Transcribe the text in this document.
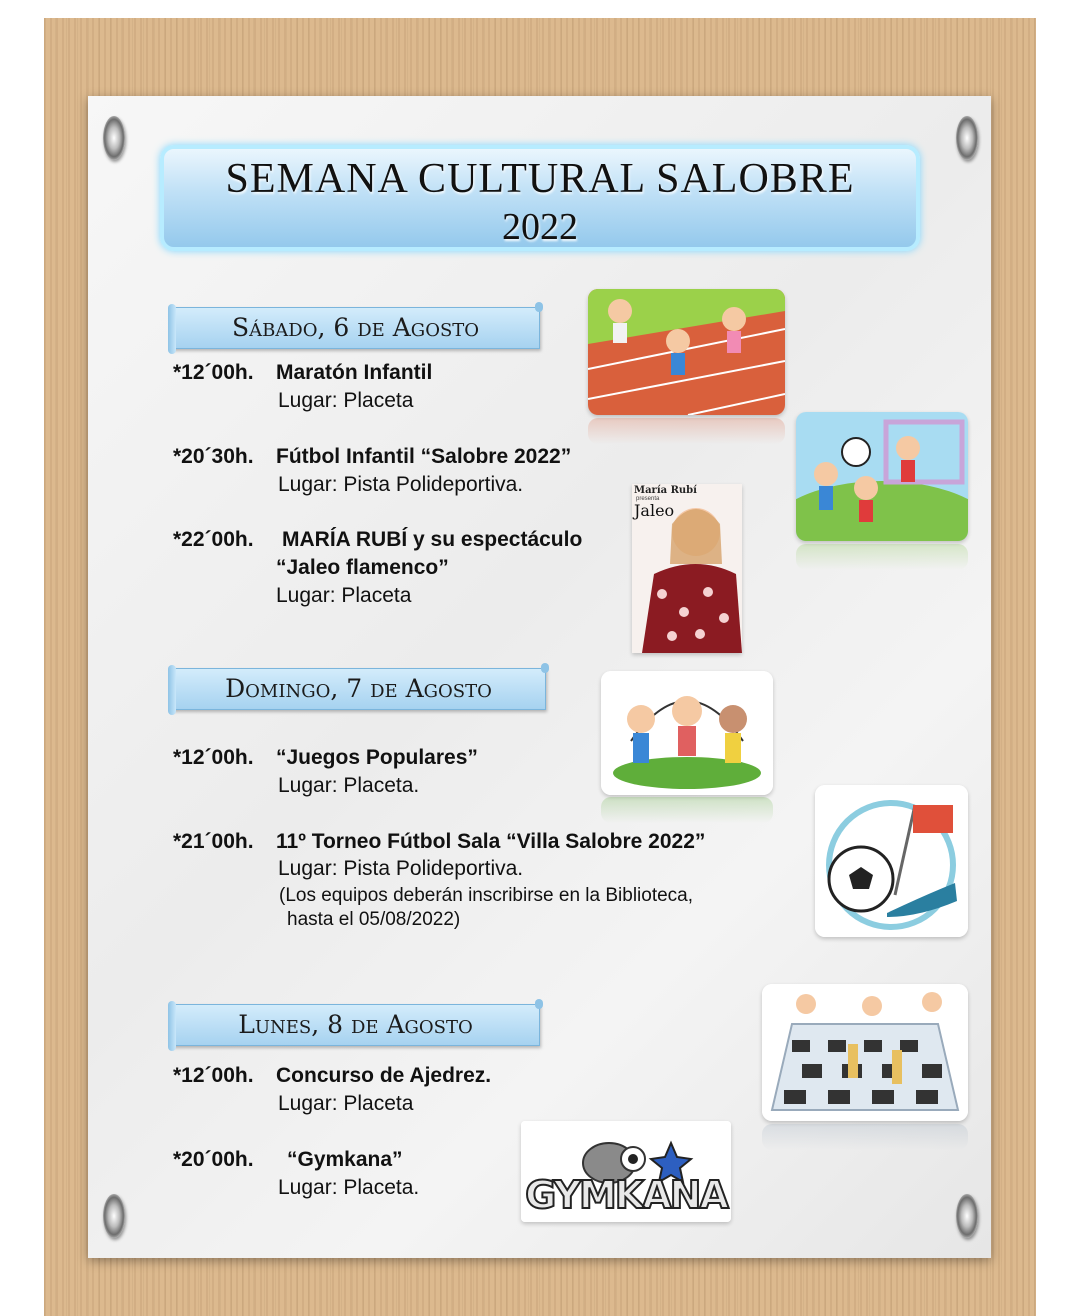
SEMANA CULTURAL SALOBRE
2022
Sábado, 6 de Agosto
*12´00h. Maratón Infantil
Lugar: Placeta
*20´30h. Fútbol Infantil “Salobre 2022”
Lugar: Pista Polideportiva.
*22´00h. MARÍA RUBÍ y su espectáculo
“Jaleo flamenco”
Lugar: Placeta
Domingo, 7 de Agosto
*12´00h. “Juegos Populares”
Lugar: Placeta.
*21´00h. 11º Torneo Fútbol Sala “Villa Salobre 2022”
Lugar: Pista Polideportiva.
(Los equipos deberán inscribirse en la Biblioteca,
hasta el 05/08/2022)
Lunes, 8 de Agosto
*12´00h. Concurso de Ajedrez.
Lugar: Placeta
*20´00h. “Gymkana”
Lugar: Placeta.
María Rubí
presenta
Jaleo
GYMKANA
